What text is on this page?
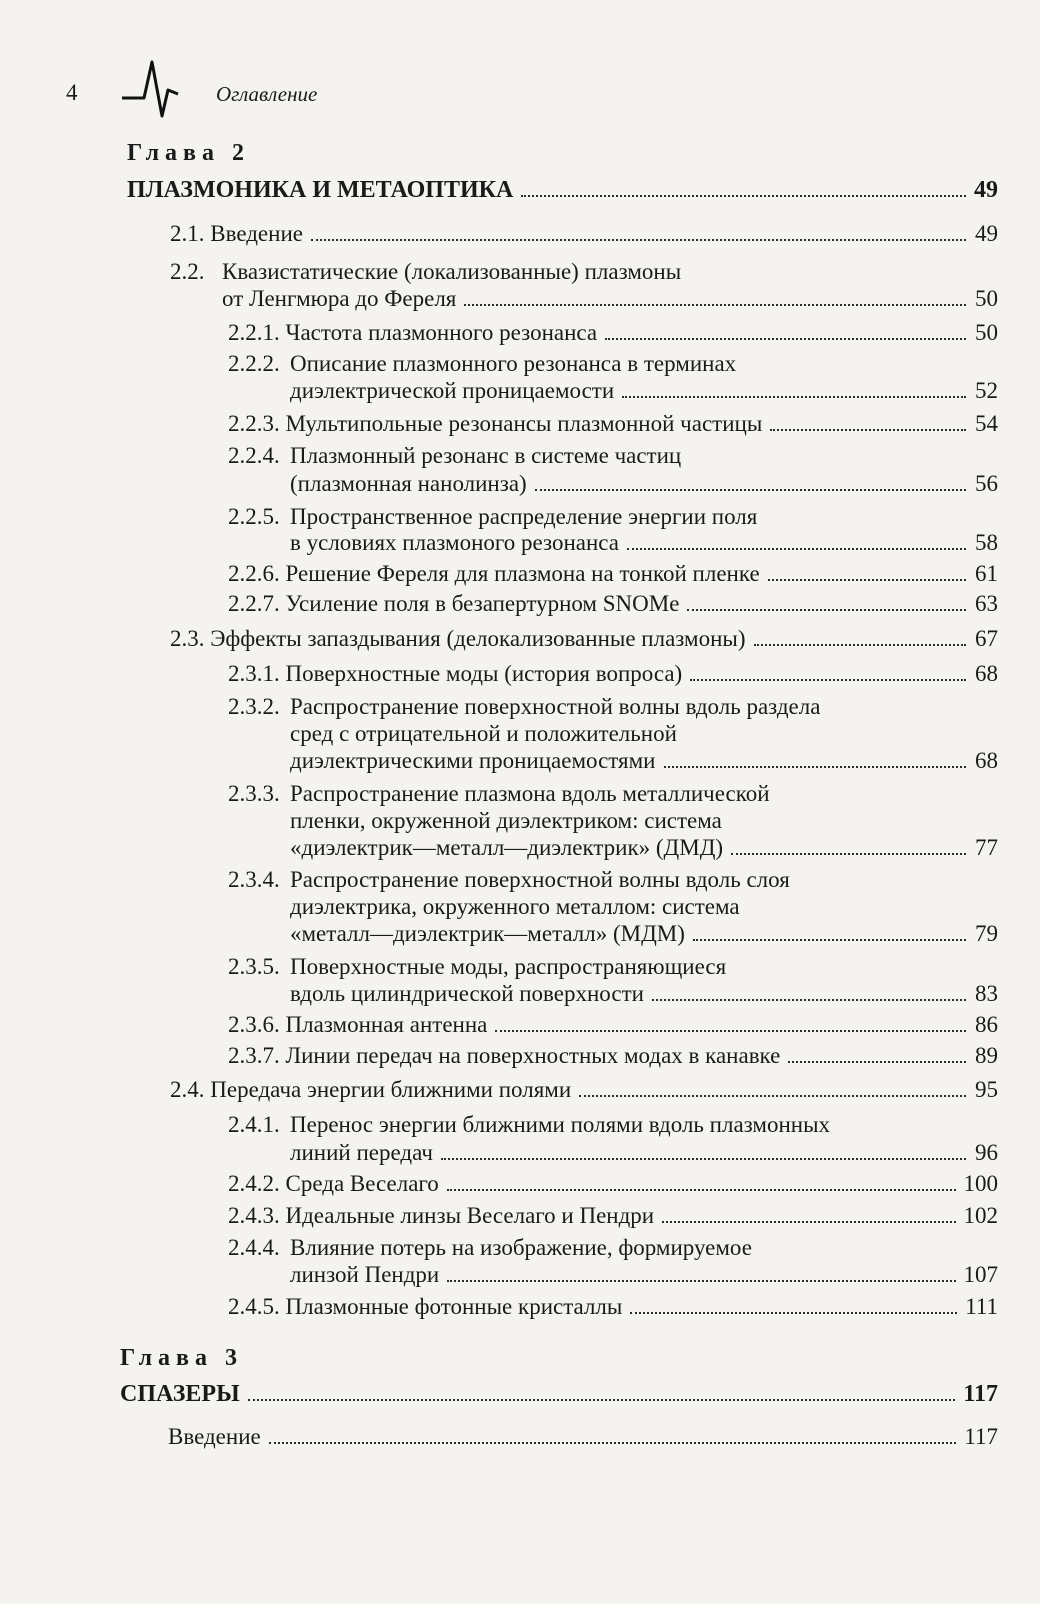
4	Оглавление
Глава 2
ПЛАЗМОНИКА И МЕТАОПТИКА	49
2.1.
Введение	49
2.2. Квазистатические (локализованные) плазмоны
от Ленгмюра до Фереля	50
2.2.1.
Частота плазмонного резонанса	50
2.2.2. Описание плазмонного резонанса в терминах
диэлектрической проницаемости	52
2.2.3.
Мультипольные резонансы плазмонной частицы	54
2.2.4. Плазмонный резонанс в системе частиц
(плазмонная нанолинза)	56
2.2.5. Пространственное распределение энергии поля
в условиях плазмоного резонанса	58
2.2.6.
Решение Фереля для плазмона на тонкой пленке	61
2.2.7.
Усиление поля в безапертурном SNOMe	63
2.3.
Эффекты запаздывания (делокализованные плазмоны)	67
2.3.1.
Поверхностные моды (история вопроса)	68
2.3.2. Распространение поверхностной волны вдоль раздела
сред с отрицательной и положительной
диэлектрическими проницаемостями	68
2.3.3. Распространение плазмона вдоль металлической
пленки, окруженной диэлектриком: система
«диэлектрик—металл—диэлектрик» (ДМД)	77
2.3.4. Распространение поверхностной волны вдоль слоя
диэлектрика, окруженного металлом: система
«металл—диэлектрик—металл» (МДМ)	79
2.3.5. Поверхностные моды, распространяющиеся
вдоль цилиндрической поверхности	83
2.3.6.
Плазмонная антенна	86
2.3.7.
Линии передач на поверхностных модах в канавке	89
2.4.
Передача энергии ближними полями	95
2.4.1. Перенос энергии ближними полями вдоль плазмонных
линий передач	96
2.4.2.
Среда Веселаго	100
2.4.3.
Идеальные линзы Веселаго и Пендри	102
2.4.4. Влияние потерь на изображение, формируемое
линзой Пендри	107
2.4.5.
Плазмонные фотонные кристаллы	111
Глава 3
СПАЗЕРЫ	117
Введение	117
